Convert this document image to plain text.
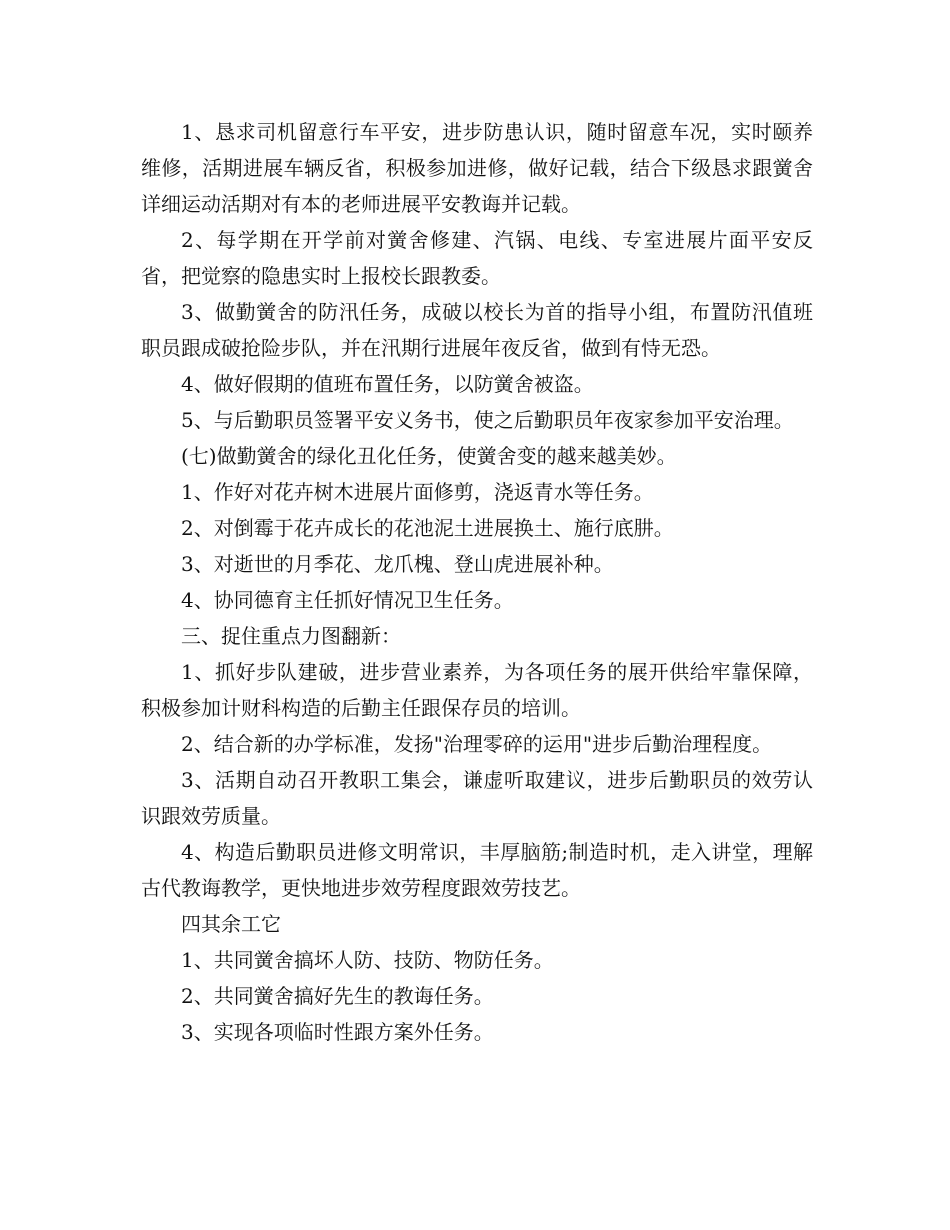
1、恳求司机留意行车平安，进步防患认识，随时留意车况，实时颐养维修，活期进展车辆反省，积极参加进修，做好记载，结合下级恳求跟黉舍详细运动活期对有本的老师进展平安教诲并记载。

2、每学期在开学前对黉舍修建、汽锅、电线、专室进展片面平安反省，把觉察的隐患实时上报校长跟教委。

3、做勤黉舍的防汛任务，成破以校长为首的指导小组，布置防汛值班职员跟成破抢险步队，并在汛期行进展年夜反省，做到有恃无恐。

4、做好假期的值班布置任务，以防黉舍被盗。

5、与后勤职员签署平安义务书，使之后勤职员年夜家参加平安治理。

(七)做勤黉舍的绿化丑化任务，使黉舍变的越来越美妙。

1、作好对花卉树木进展片面修剪，浇返青水等任务。

2、对倒霉于花卉成长的花池泥土进展换土、施行底肼。

3、对逝世的月季花、龙爪槐、登山虎进展补种。

4、协同德育主任抓好情况卫生任务。

三、捉住重点力图翻新：

1、抓好步队建破，进步营业素养，为各项任务的展开供给牢靠保障，积极参加计财科构造的后勤主任跟保存员的培训。

2、结合新的办学标准，发扬"治理零碎的运用"进步后勤治理程度。

3、活期自动召开教职工集会，谦虚听取建议，进步后勤职员的效劳认识跟效劳质量。

4、构造后勤职员进修文明常识，丰厚脑筋;制造时机，走入讲堂，理解古代教诲教学，更快地进步效劳程度跟效劳技艺。

四其余工它

1、共同黉舍搞坏人防、技防、物防任务。

2、共同黉舍搞好先生的教诲任务。

3、实现各项临时性跟方案外任务。
